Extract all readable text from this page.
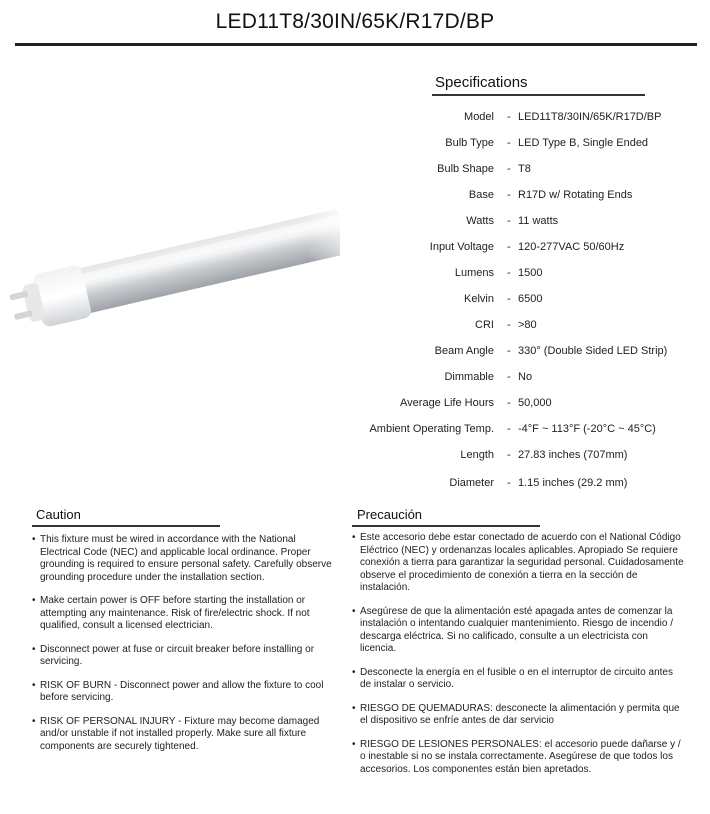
LED11T8/30IN/65K/R17D/BP
Specifications
Model - LED11T8/30IN/65K/R17D/BP
Bulb Type - LED Type B, Single Ended
Bulb Shape - T8
Base - R17D w/ Rotating Ends
Watts - 11 watts
Input Voltage - 120-277VAC 50/60Hz
Lumens - 1500
Kelvin - 6500
CRI - >80
Beam Angle - 330° (Double Sided LED Strip)
Dimmable - No
Average Life Hours - 50,000
Ambient Operating Temp. - -4°F ~ 113°F (-20°C ~ 45°C)
Length - 27.83 inches (707mm)
Diameter - 1.15 inches (29.2 mm)
Caution
• This fixture must be wired in accordance with the National Electrical Code (NEC) and applicable local ordinance. Proper grounding is required to ensure personal safety. Carefully observe grounding procedure under the installation section.
• Make certain power is OFF before starting the installation or attempting any maintenance. Risk of fire/electric shock. If not qualified, consult a licensed electrician.
• Disconnect power at fuse or circuit breaker before installing or servicing.
• RISK OF BURN - Disconnect power and allow the fixture to cool before servicing.
• RISK OF PERSONAL INJURY - Fixture may become damaged and/or unstable if not installed properly. Make sure all fixture components are securely tightened.
Precaución
• Este accesorio debe estar conectado de acuerdo con el National Código Eléctrico (NEC) y ordenanzas locales aplicables. Apropiado Se requiere conexión a tierra para garantizar la seguridad personal. Cuidadosamente observe el procedimiento de conexión a tierra en la sección de instalación.
• Asegúrese de que la alimentación esté apagada antes de comenzar la instalación o intentando cualquier mantenimiento. Riesgo de incendio / descarga eléctrica. Si no calificado, consulte a un electricista con licencia.
• Desconecte la energía en el fusible o en el interruptor de circuito antes de instalar o servicio.
• RIESGO DE QUEMADURAS: desconecte la alimentación y permita que el dispositivo se enfríe antes de dar servicio
• RIESGO DE LESIONES PERSONALES: el accesorio puede dañarse y / o inestable si no se instala correctamente. Asegúrese de que todos los accesorios. Los componentes están bien apretados.
